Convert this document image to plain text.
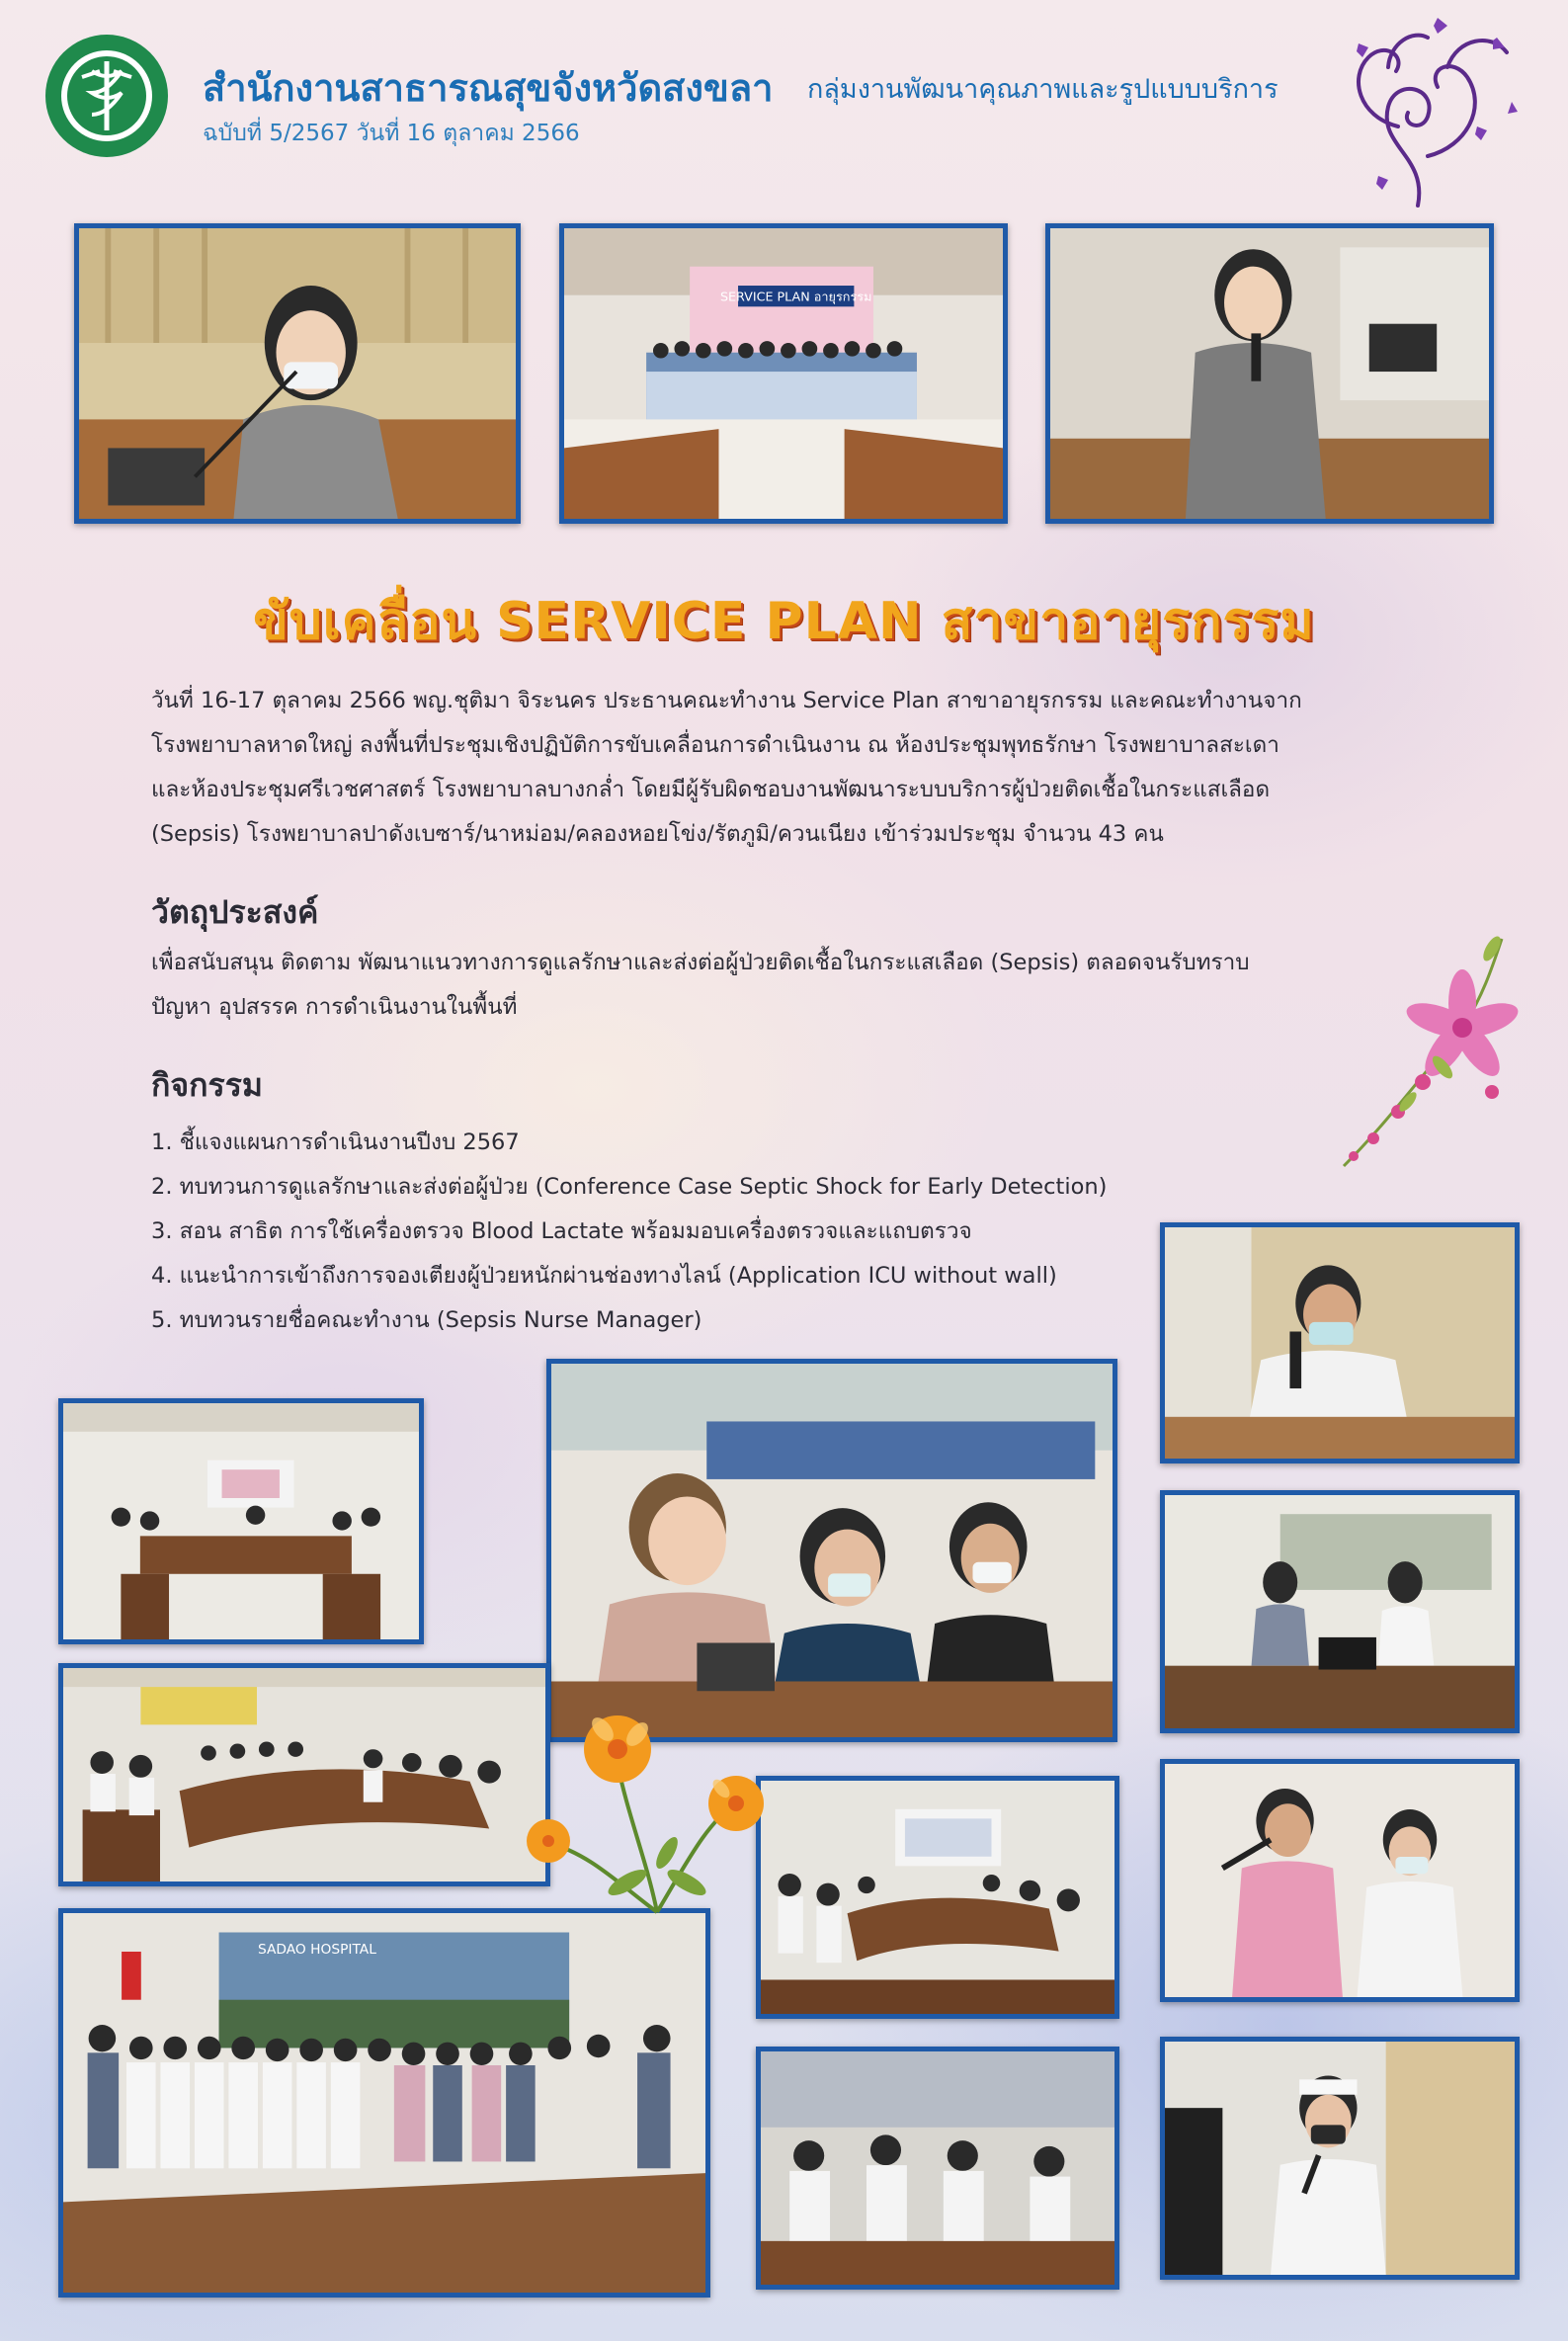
สำนักงานสาธารณสุขจังหวัดสงขลา กลุ่มงานพัฒนาคุณภาพและรูปแบบบริการ
ฉบับที่ 5/2567 วันที่ 16 ตุลาคม 2566
SERVICE PLAN อายุรกรรม
ขับเคลื่อน SERVICE PLAN สาขาอายุรกรรม
วันที่ 16-17 ตุลาคม 2566 พญ.ชุติมา จิระนคร ประธานคณะทำงาน Service Plan สาขาอายุรกรรม และคณะทำงานจาก
โรงพยาบาลหาดใหญ่ ลงพื้นที่ประชุมเชิงปฏิบัติการขับเคลื่อนการดำเนินงาน ณ ห้องประชุมพุทธรักษา โรงพยาบาลสะเดา
และห้องประชุมศรีเวชศาสตร์ โรงพยาบาลบางกล่ำ โดยมีผู้รับผิดชอบงานพัฒนาระบบบริการผู้ป่วยติดเชื้อในกระแสเลือด
(Sepsis) โรงพยาบาลปาดังเบซาร์/นาหม่อม/คลองหอยโข่ง/รัตภูมิ/ควนเนียง เข้าร่วมประชุม จำนวน 43 คน
วัตถุประสงค์
เพื่อสนับสนุน ติดตาม พัฒนาแนวทางการดูแลรักษาและส่งต่อผู้ป่วยติดเชื้อในกระแสเลือด (Sepsis) ตลอดจนรับทราบ
ปัญหา อุปสรรค การดำเนินงานในพื้นที่
กิจกรรม
1. ชี้แจงแผนการดำเนินงานปีงบ 2567
2. ทบทวนการดูแลรักษาและส่งต่อผู้ป่วย (Conference Case Septic Shock for Early Detection)
3. สอน สาธิต การใช้เครื่องตรวจ Blood Lactate พร้อมมอบเครื่องตรวจและแถบตรวจ
4. แนะนำการเข้าถึงการจองเตียงผู้ป่วยหนักผ่านช่องทางไลน์ (Application ICU without wall)
5. ทบทวนรายชื่อคณะทำงาน (Sepsis Nurse Manager)
SADAO HOSPITAL
